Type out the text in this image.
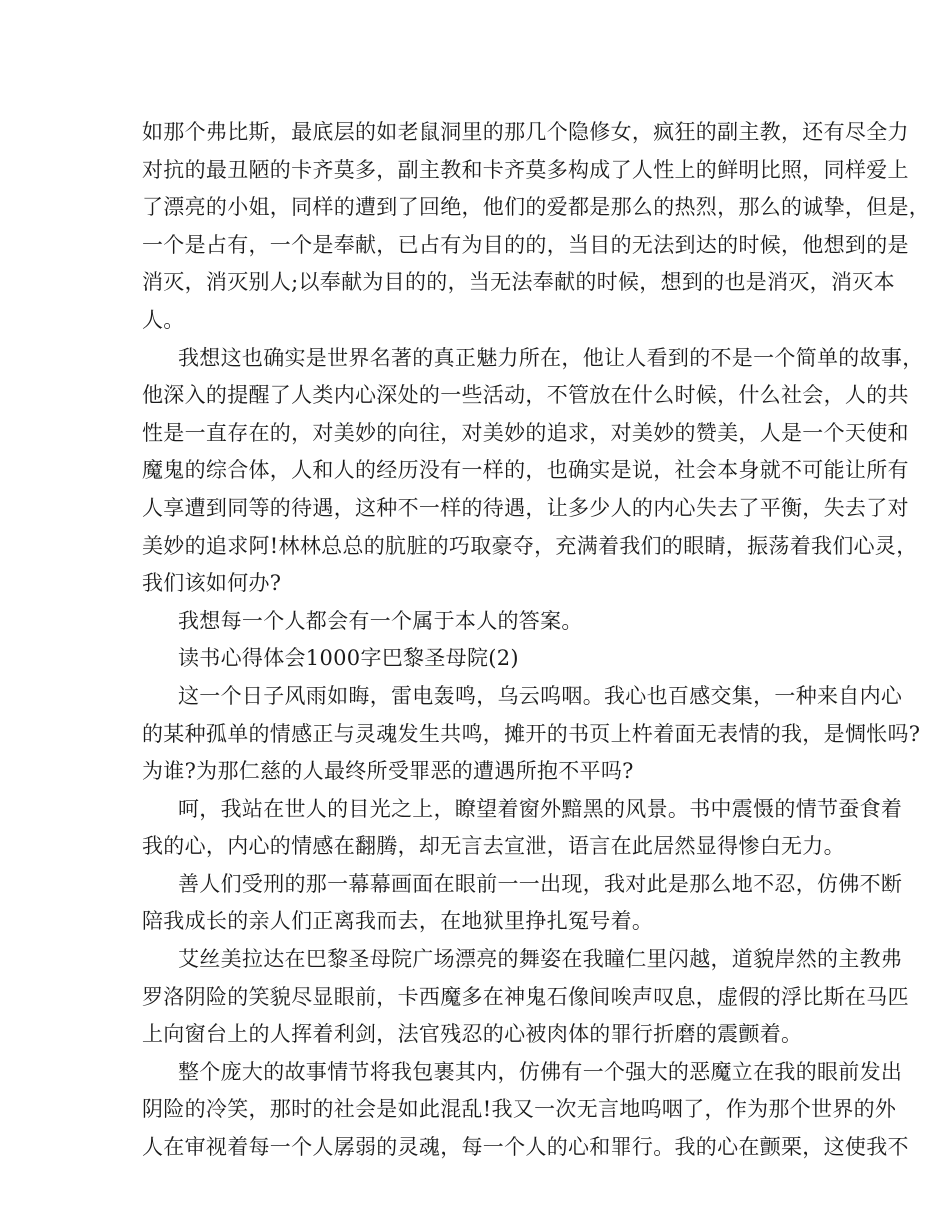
如那个弗比斯，最底层的如老鼠洞里的那几个隐修女，疯狂的副主教，还有尽全力
对抗的最丑陋的卡齐莫多，副主教和卡齐莫多构成了人性上的鲜明比照，同样爱上
了漂亮的小姐，同样的遭到了回绝，他们的爱都是那么的热烈，那么的诚挚，但是，
一个是占有，一个是奉献，已占有为目的的，当目的无法到达的时候，他想到的是
消灭，消灭别人;以奉献为目的的，当无法奉献的时候，想到的也是消灭，消灭本
人。
我想这也确实是世界名著的真正魅力所在，他让人看到的不是一个简单的故事，
他深入的提醒了人类内心深处的一些活动，不管放在什么时候，什么社会，人的共
性是一直存在的，对美妙的向往，对美妙的追求，对美妙的赞美，人是一个天使和
魔鬼的综合体，人和人的经历没有一样的，也确实是说，社会本身就不可能让所有
人享遭到同等的待遇，这种不一样的待遇，让多少人的内心失去了平衡，失去了对
美妙的追求阿!林林总总的肮脏的巧取豪夺，充满着我们的眼睛，振荡着我们心灵，
我们该如何办?
我想每一个人都会有一个属于本人的答案。
读书心得体会1000字巴黎圣母院(2)
这一个日子风雨如晦，雷电轰鸣，乌云呜咽。我心也百感交集，一种来自内心
的某种孤单的情感正与灵魂发生共鸣，摊开的书页上杵着面无表情的我，是惆怅吗?
为谁?为那仁慈的人最终所受罪恶的遭遇所抱不平吗?
呵，我站在世人的目光之上，瞭望着窗外黯黑的风景。书中震慑的情节蚕食着
我的心，内心的情感在翻腾，却无言去宣泄，语言在此居然显得惨白无力。
善人们受刑的那一幕幕画面在眼前一一出现，我对此是那么地不忍，仿佛不断
陪我成长的亲人们正离我而去，在地狱里挣扎冤号着。
艾丝美拉达在巴黎圣母院广场漂亮的舞姿在我瞳仁里闪越，道貌岸然的主教弗
罗洛阴险的笑貌尽显眼前，卡西魔多在神鬼石像间唉声叹息，虚假的浮比斯在马匹
上向窗台上的人挥着利剑，法官残忍的心被肉体的罪行折磨的震颤着。
整个庞大的故事情节将我包裹其内，仿佛有一个强大的恶魔立在我的眼前发出
阴险的冷笑，那时的社会是如此混乱!我又一次无言地呜咽了，作为那个世界的外
人在审视着每一个人孱弱的灵魂，每一个人的心和罪行。我的心在颤栗，这使我不
